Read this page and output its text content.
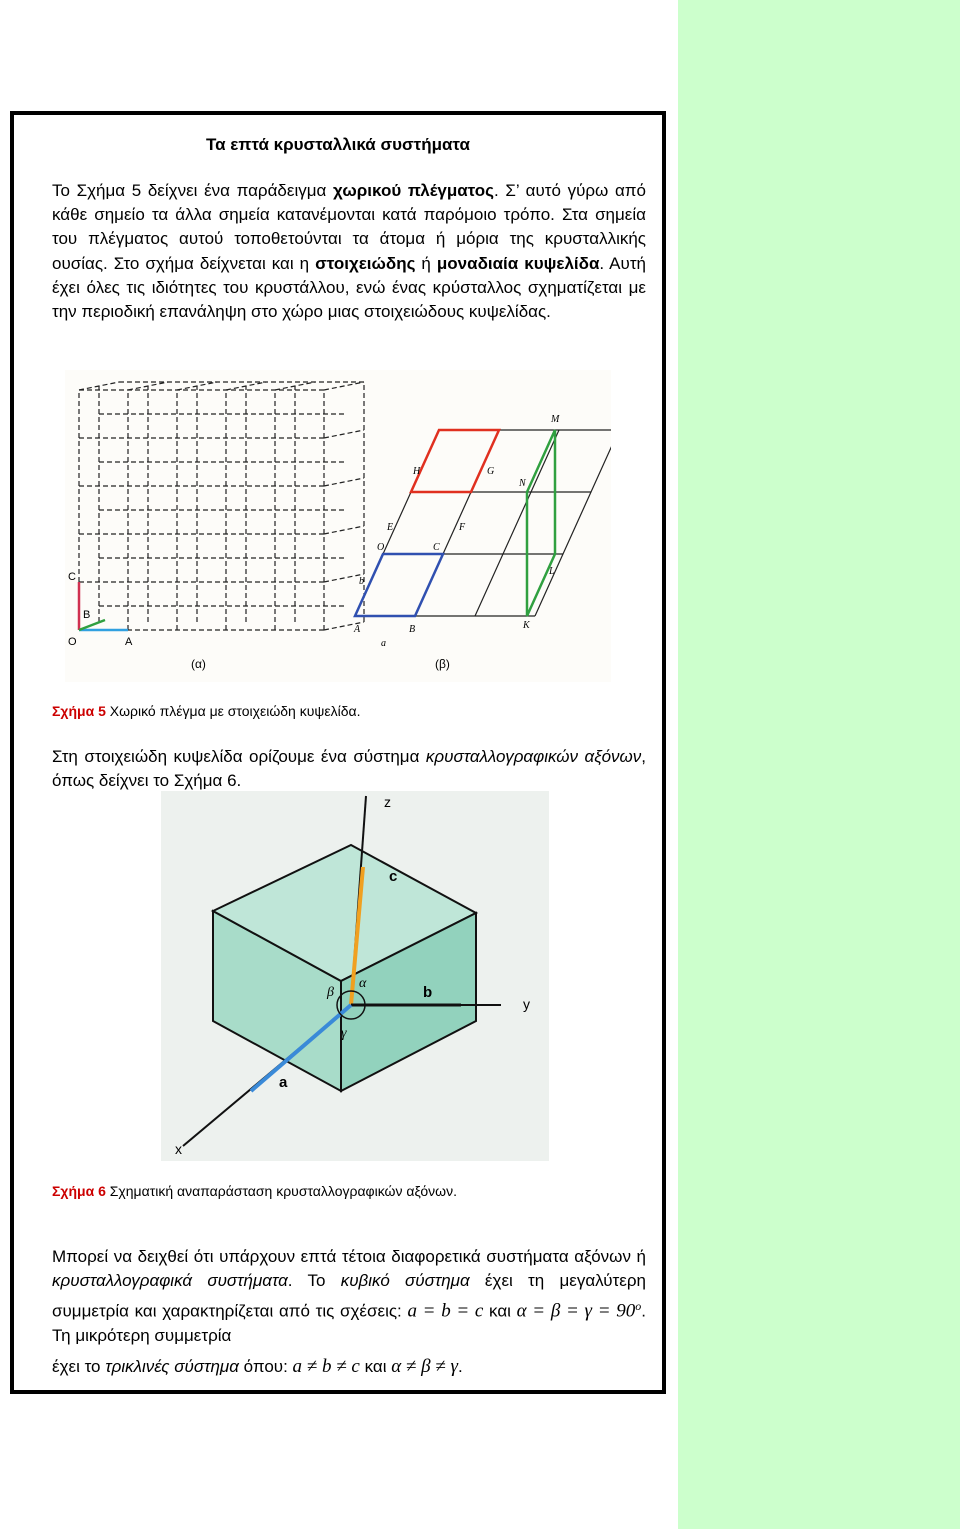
Τα επτά κρυσταλλικά συστήματα
Το Σχήμα 5 δείχνει ένα παράδειγμα χωρικού πλέγματος. Σ’ αυτό γύρω από κάθε σημείο τα άλλα σημεία κατανέμονται κατά παρόμοιο τρόπο. Στα σημεία του πλέγματος αυτού τοποθετούνται τα άτομα ή μόρια της κρυσταλλικής ουσίας. Στο σχήμα δείχνεται και η στοιχειώδης ή μοναδιαία κυψελίδα. Αυτή έχει όλες τις ιδιότητες του κρυστάλλου, ενώ ένας κρύσταλλος σχηματίζεται με την περιοδική επανάληψη στο χώρο μιας στοιχειώδους κυψελίδας.
O	A
B
C
(α)
A	B
a
b
O	C
E	F
H	G
K
L
M
N
(β)
Σχήμα 5 Χωρικό πλέγμα με στοιχειώδη κυψελίδα.
Στη στοιχειώδη κυψελίδα ορίζουμε ένα σύστημα κρυσταλλογραφικών αξόνων, όπως δείχνει το Σχήμα 6.
c
b
a
β
α
γ
z
y
x
Σχήμα 6 Σχηματική αναπαράσταση κρυσταλλογραφικών αξόνων.
Μπορεί να δειχθεί ότι υπάρχουν επτά τέτοια διαφορετικά συστήματα αξόνων ή κρυσταλλογραφικά συστήματα. Το κυβικό σύστημα έχει τη μεγαλύτερη συμμετρία και χαρακτηρίζεται από τις σχέσεις: a = b = c και $\alpha = \beta = \gamma = 90^o$. Τη μικρότερη συμμετρία
έχει το τρικλινές σύστημα όπου: a ≠ b ≠ c και α ≠ β ≠ γ.
